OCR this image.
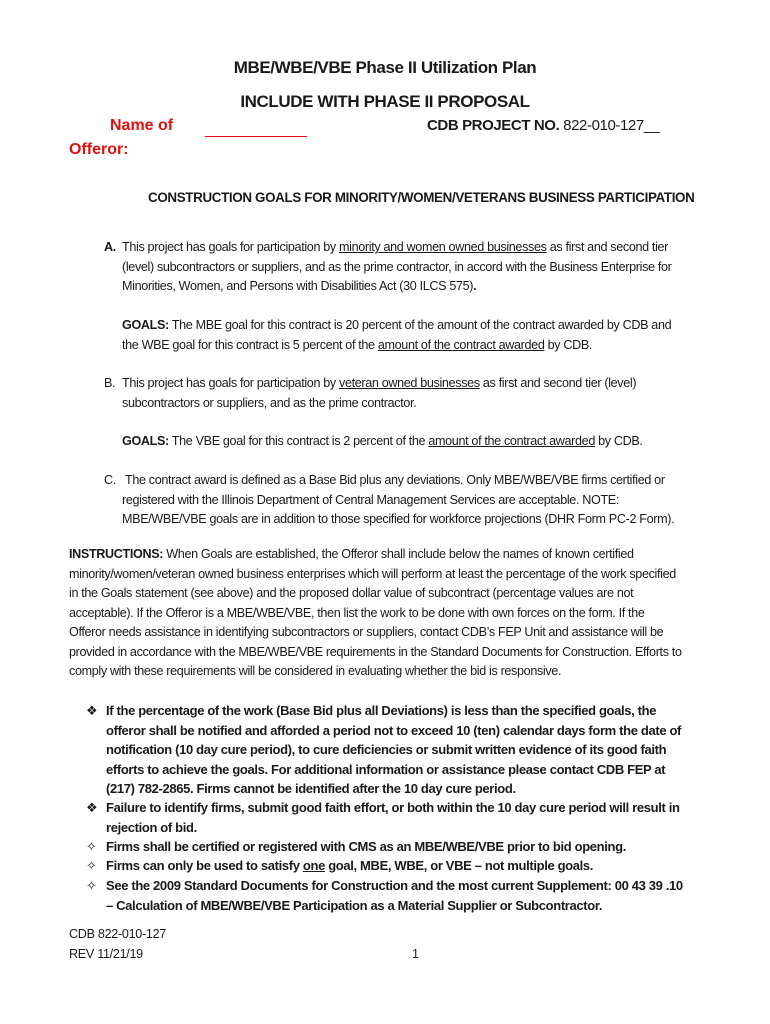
MBE/WBE/VBE Phase II Utilization Plan
INCLUDE WITH PHASE II PROPOSAL
Name of
Offeror:
CDB PROJECT NO. 822-010-127__
CONSTRUCTION GOALS FOR MINORITY/WOMEN/VETERANS BUSINESS PARTICIPATION
A. This project has goals for participation by minority and women owned businesses as first and second tier (level) subcontractors or suppliers, and as the prime contractor, in accord with the Business Enterprise for Minorities, Women, and Persons with Disabilities Act (30 ILCS 575).
GOALS: The MBE goal for this contract is 20 percent of the amount of the contract awarded by CDB and the WBE goal for this contract is 5 percent of the amount of the contract awarded by CDB.
B. This project has goals for participation by veteran owned businesses as first and second tier (level) subcontractors or suppliers, and as the prime contractor.
GOALS: The VBE goal for this contract is 2 percent of the amount of the contract awarded by CDB.
C. The contract award is defined as a Base Bid plus any deviations. Only MBE/WBE/VBE firms certified or registered with the Illinois Department of Central Management Services are acceptable. NOTE: MBE/WBE/VBE goals are in addition to those specified for workforce projections (DHR Form PC-2 Form).
INSTRUCTIONS: When Goals are established, the Offeror shall include below the names of known certified minority/women/veteran owned business enterprises which will perform at least the percentage of the work specified in the Goals statement (see above) and the proposed dollar value of subcontract (percentage values are not acceptable). If the Offeror is a MBE/WBE/VBE, then list the work to be done with own forces on the form. If the Offeror needs assistance in identifying subcontractors or suppliers, contact CDB’s FEP Unit and assistance will be provided in accordance with the MBE/WBE/VBE requirements in the Standard Documents for Construction. Efforts to comply with these requirements will be considered in evaluating whether the bid is responsive.
❖ If the percentage of the work (Base Bid plus all Deviations) is less than the specified goals, the offeror shall be notified and afforded a period not to exceed 10 (ten) calendar days form the date of notification (10 day cure period), to cure deficiencies or submit written evidence of its good faith efforts to achieve the goals. For additional information or assistance please contact CDB FEP at (217) 782-2865. Firms cannot be identified after the 10 day cure period.
❖ Failure to identify firms, submit good faith effort, or both within the 10 day cure period will result in rejection of bid.
✧ Firms shall be certified or registered with CMS as an MBE/WBE/VBE prior to bid opening.
✧ Firms can only be used to satisfy one goal, MBE, WBE, or VBE – not multiple goals.
✧ See the 2009 Standard Documents for Construction and the most current Supplement: 00 43 39 .10 – Calculation of MBE/WBE/VBE Participation as a Material Supplier or Subcontractor.
CDB 822-010-127
REV 11/21/19	1
